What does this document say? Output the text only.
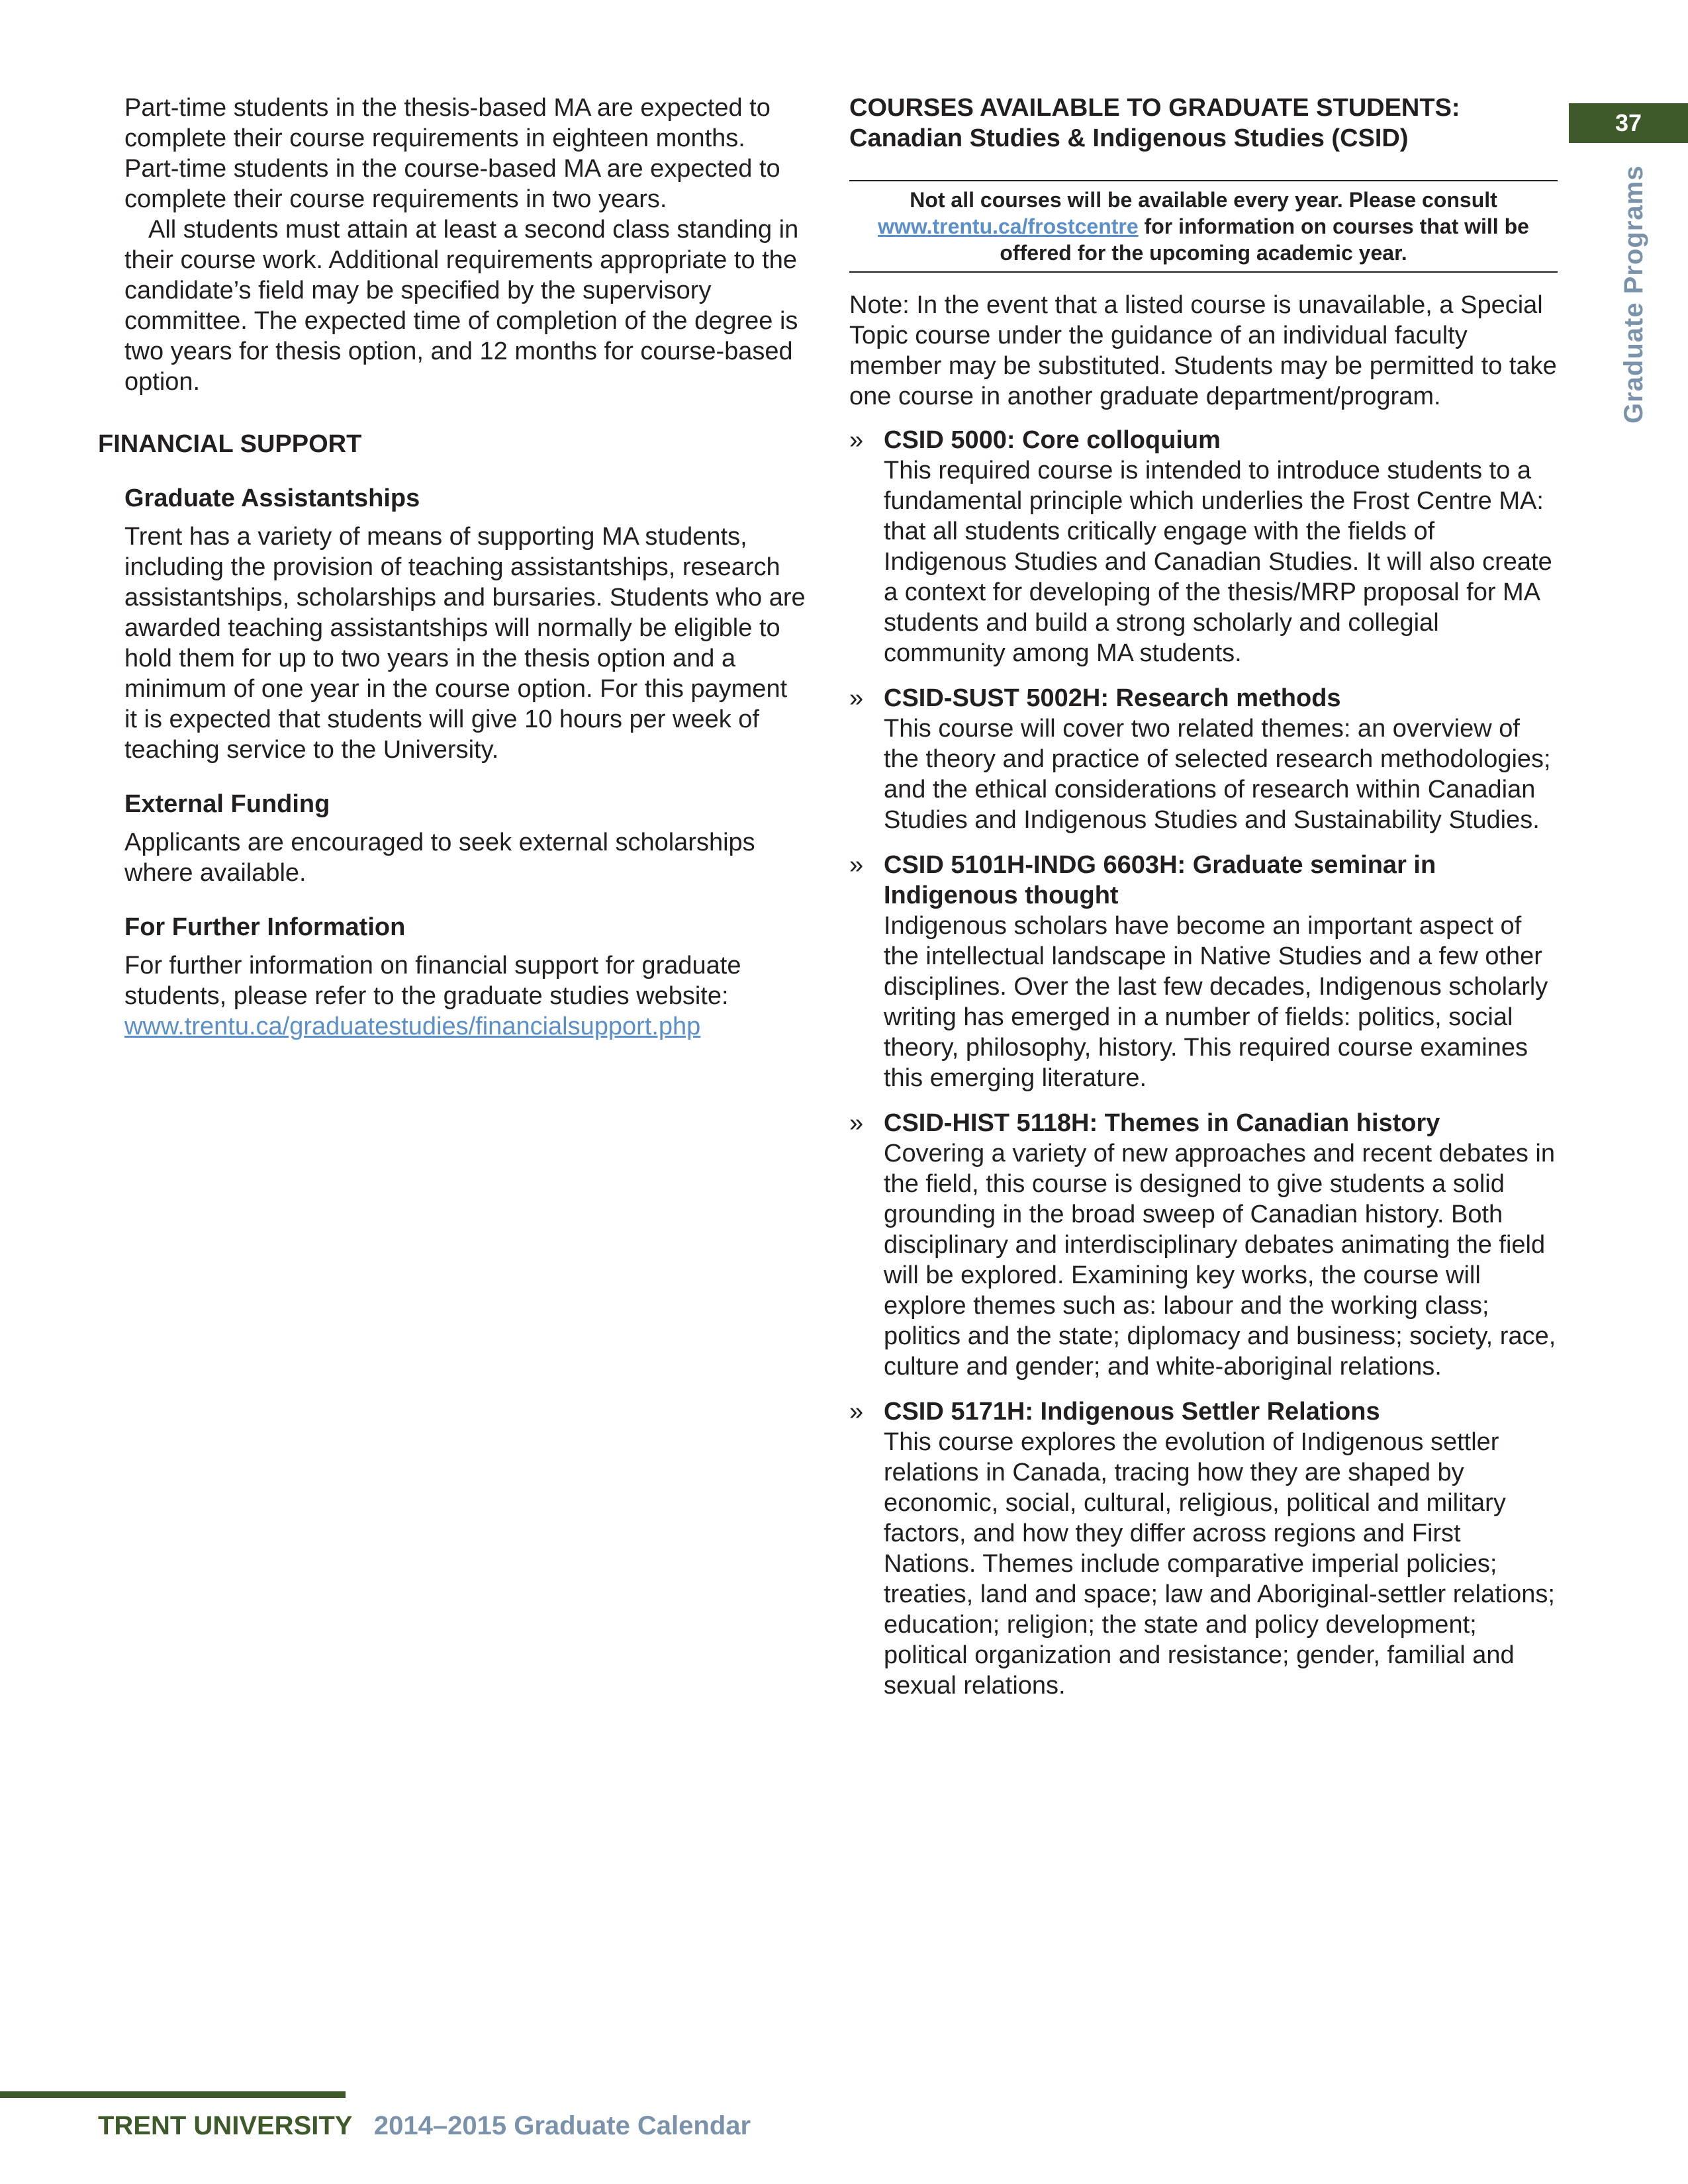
Part-time students in the thesis-based MA are expected to complete their course requirements in eighteen months. Part-time students in the course-based MA are expected to complete their course requirements in two years.

All students must attain at least a second class standing in their course work. Additional requirements appropriate to the candidate’s field may be specified by the supervisory committee. The expected time of completion of the degree is two years for thesis option, and 12 months for course-based option.

FINANCIAL SUPPORT
Graduate Assistantships

Trent has a variety of means of supporting MA students, including the provision of teaching assistantships, research assistantships, scholarships and bursaries. Students who are awarded teaching assistantships will normally be eligible to hold them for up to two years in the thesis option and a minimum of one year in the course option. For this payment it is expected that students will give 10 hours per week of teaching service to the University.

External Funding

Applicants are encouraged to seek external scholarships where available.

For Further Information

For further information on financial support for graduate students, please refer to the graduate studies website: www.trentu.ca/graduatestudies/financialsupport.php

COURSES AVAILABLE TO GRADUATE STUDENTS:
Canadian Studies & Indigenous Studies (CSID)
Not all courses will be available every year. Please consult www.trentu.ca/frostcentre for information on courses that will be offered for the upcoming academic year.

Note: In the event that a listed course is unavailable, a Special Topic course under the guidance of an individual faculty member may be substituted. Students may be permitted to take one course in another graduate department/program.

» CSID 5000: Core colloquium
This required course is intended to introduce students to a fundamental principle which underlies the Frost Centre MA: that all students critically engage with the fields of Indigenous Studies and Canadian Studies. It will also create a context for developing of the thesis/MRP proposal for MA students and build a strong scholarly and collegial community among MA students.
» CSID-SUST 5002H: Research methods
This course will cover two related themes: an overview of the theory and practice of selected research methodologies; and the ethical considerations of research within Canadian Studies and Indigenous Studies and Sustainability Studies.
» CSID 5101H-INDG 6603H: Graduate seminar in Indigenous thought
Indigenous scholars have become an important aspect of the intellectual landscape in Native Studies and a few other disciplines. Over the last few decades, Indigenous scholarly writing has emerged in a number of fields: politics, social theory, philosophy, history. This required course examines this emerging literature.
» CSID-HIST 5118H: Themes in Canadian history
Covering a variety of new approaches and recent debates in the field, this course is designed to give students a solid grounding in the broad sweep of Canadian history. Both disciplinary and interdisciplinary debates animating the field will be explored. Examining key works, the course will explore themes such as: labour and the working class; politics and the state; diplomacy and business; society, race, culture and gender; and white-aboriginal relations.
» CSID 5171H: Indigenous Settler Relations
This course explores the evolution of Indigenous settler relations in Canada, tracing how they are shaped by economic, social, cultural, religious, political and military factors, and how they differ across regions and First Nations. Themes include comparative imperial policies; treaties, land and space; law and Aboriginal-settler relations; education; religion; the state and policy development; political organization and resistance; gender, familial and sexual relations.
37
Graduate Programs
TRENT UNIVERSITY 2014–2015 Graduate Calendar
